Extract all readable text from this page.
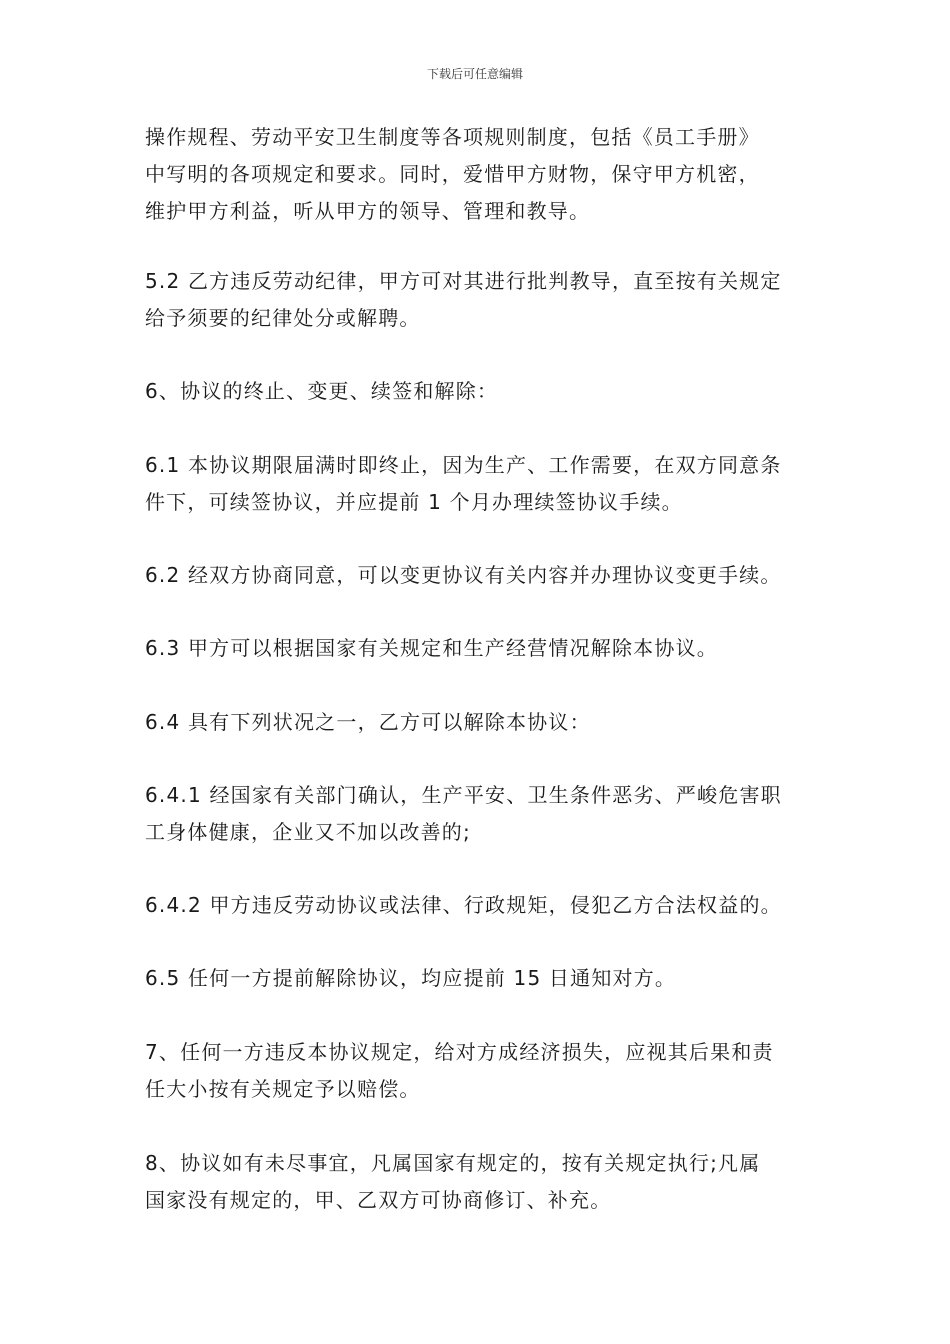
下载后可任意编辑

操作规程、劳动平安卫生制度等各项规则制度，包括《员工手册》
中写明的各项规定和要求。同时，爱惜甲方财物，保守甲方机密，
维护甲方利益，听从甲方的领导、管理和教导。

5.2 乙方违反劳动纪律，甲方可对其进行批判教导，直至按有关规定
给予须要的纪律处分或解聘。

6、协议的终止、变更、续签和解除：

6.1 本协议期限届满时即终止，因为生产、工作需要，在双方同意条
件下，可续签协议，并应提前 1 个月办理续签协议手续。

6.2 经双方协商同意，可以变更协议有关内容并办理协议变更手续。

6.3 甲方可以根据国家有关规定和生产经营情况解除本协议。

6.4 具有下列状况之一，乙方可以解除本协议：

6.4.1 经国家有关部门确认，生产平安、卫生条件恶劣、严峻危害职
工身体健康，企业又不加以改善的;

6.4.2 甲方违反劳动协议或法律、行政规矩，侵犯乙方合法权益的。

6.5 任何一方提前解除协议，均应提前 15 日通知对方。

7、任何一方违反本协议规定，给对方成经济损失，应视其后果和责
任大小按有关规定予以赔偿。

8、协议如有未尽事宜，凡属国家有规定的，按有关规定执行;凡属
国家没有规定的，甲、乙双方可协商修订、补充。
